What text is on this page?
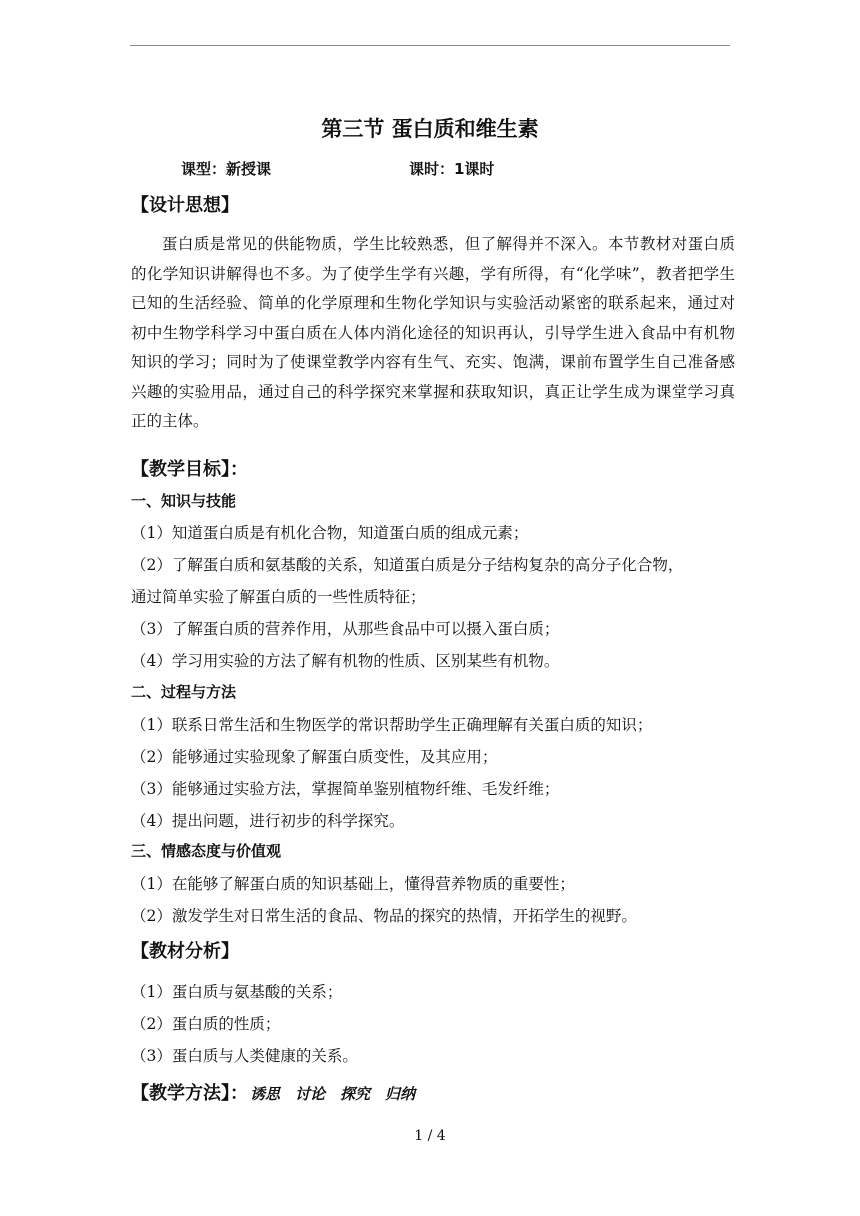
第三节 蛋白质和维生素
课型：新授课	课时：1课时
【设计思想】

蛋白质是常见的供能物质，学生比较熟悉，但了解得并不深入。本节教材对蛋白质的化学知识讲解得也不多。为了使学生学有兴趣，学有所得，有“化学味”，教者把学生已知的生活经验、简单的化学原理和生物化学知识与实验活动紧密的联系起来，通过对初中生物学科学习中蛋白质在人体内消化途径的知识再认，引导学生进入食品中有机物知识的学习；同时为了使课堂教学内容有生气、充实、饱满，课前布置学生自己准备感兴趣的实验用品，通过自己的科学探究来掌握和获取知识，真正让学生成为课堂学习真正的主体。

【教学目标】：
一、知识与技能
（1）知道蛋白质是有机化合物，知道蛋白质的组成元素；
（2）了解蛋白质和氨基酸的关系，知道蛋白质是分子结构复杂的高分子化合物，
通过简单实验了解蛋白质的一些性质特征；
（3）了解蛋白质的营养作用，从那些食品中可以摄入蛋白质；
（4）学习用实验的方法了解有机物的性质、区别某些有机物。
二、过程与方法
（1）联系日常生活和生物医学的常识帮助学生正确理解有关蛋白质的知识；
（2）能够通过实验现象了解蛋白质变性，及其应用；
（3）能够通过实验方法，掌握简单鉴别植物纤维、毛发纤维；
（4）提出问题，进行初步的科学探究。
三、情感态度与价值观
（1）在能够了解蛋白质的知识基础上，懂得营养物质的重要性；
（2）激发学生对日常生活的食品、物品的探究的热情，开拓学生的视野。
【教材分析】
（1）蛋白质与氨基酸的关系；
（2）蛋白质的性质；
（3）蛋白质与人类健康的关系。
【教学方法】： 诱思　讨论　探究　归纳
1 / 4
